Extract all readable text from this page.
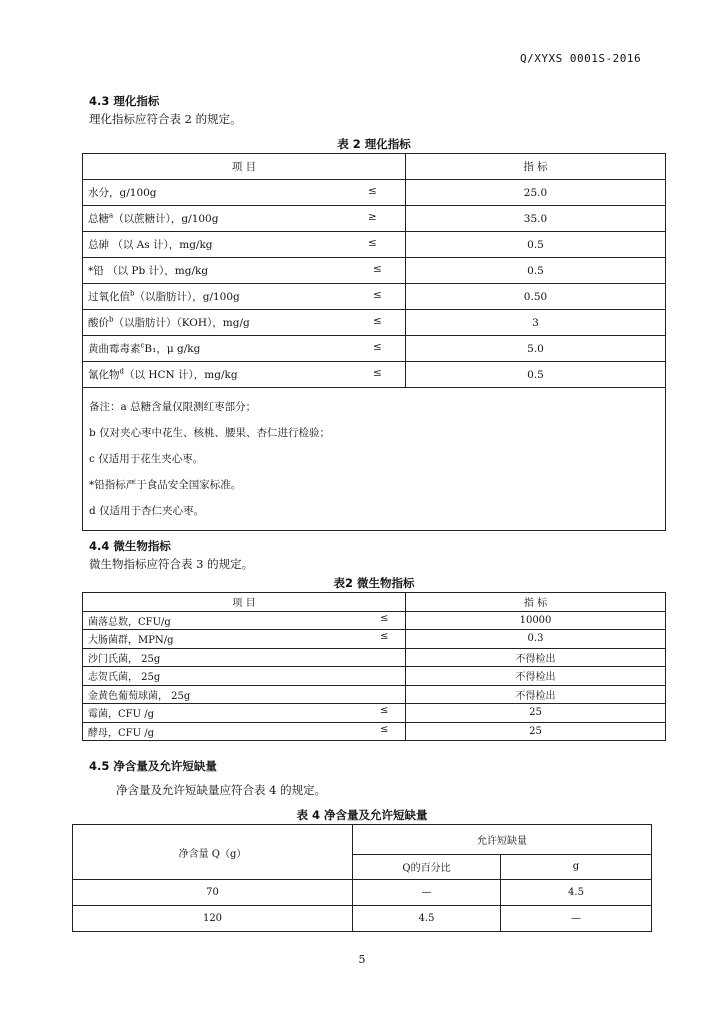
Q/XYXS 0001S-2016
4.3 理化指标
理化指标应符合表 2 的规定。
表 2 理化指标
项 目	指 标
水分，g/100g ≤	25.0
总糖$^a$（以蔗糖计），g/100g ≥	35.0
总砷 （以 As 计），mg/kg ≤	0.5
*铅 （以 Pb 计），mg/kg ≤	0.5
过氧化值$^b$（以脂肪计），g/100g ≤	0.50
酸价$^b$（以脂肪计）（KOH），mg/g ≤	3
黄曲霉毒素$^c$B₁，μ g/kg ≤	5.0
氰化物$^d$（以 HCN 计），mg/kg ≤	0.5

备注：a 总糖含量仅限测红枣部分；
b 仅对夹心枣中花生、核桃、腰果、杏仁进行检验；
c 仅适用于花生夹心枣。
*铅指标严于食品安全国家标准。
d 仅适用于杏仁夹心枣。	
4.4 微生物指标
微生物指标应符合表 3 的规定。
表2 微生物指标
项 目	指 标
菌落总数，CFU/g ≤	10000
大肠菌群，MPN/g ≤	0.3
沙门氏菌， 25g	不得检出
志贺氏菌， 25g	不得检出
金黄色葡萄球菌， 25g	不得检出
霉菌，CFU /g ≤	25
酵母，CFU /g ≤	25
4.5 净含量及允许短缺量
净含量及允许短缺量应符合表 4 的规定。
表 4 净含量及允许短缺量
净含量 Q（g）	允许短缺量	
	Q的百分比	g
70	—	4.5
120	4.5	—
5
